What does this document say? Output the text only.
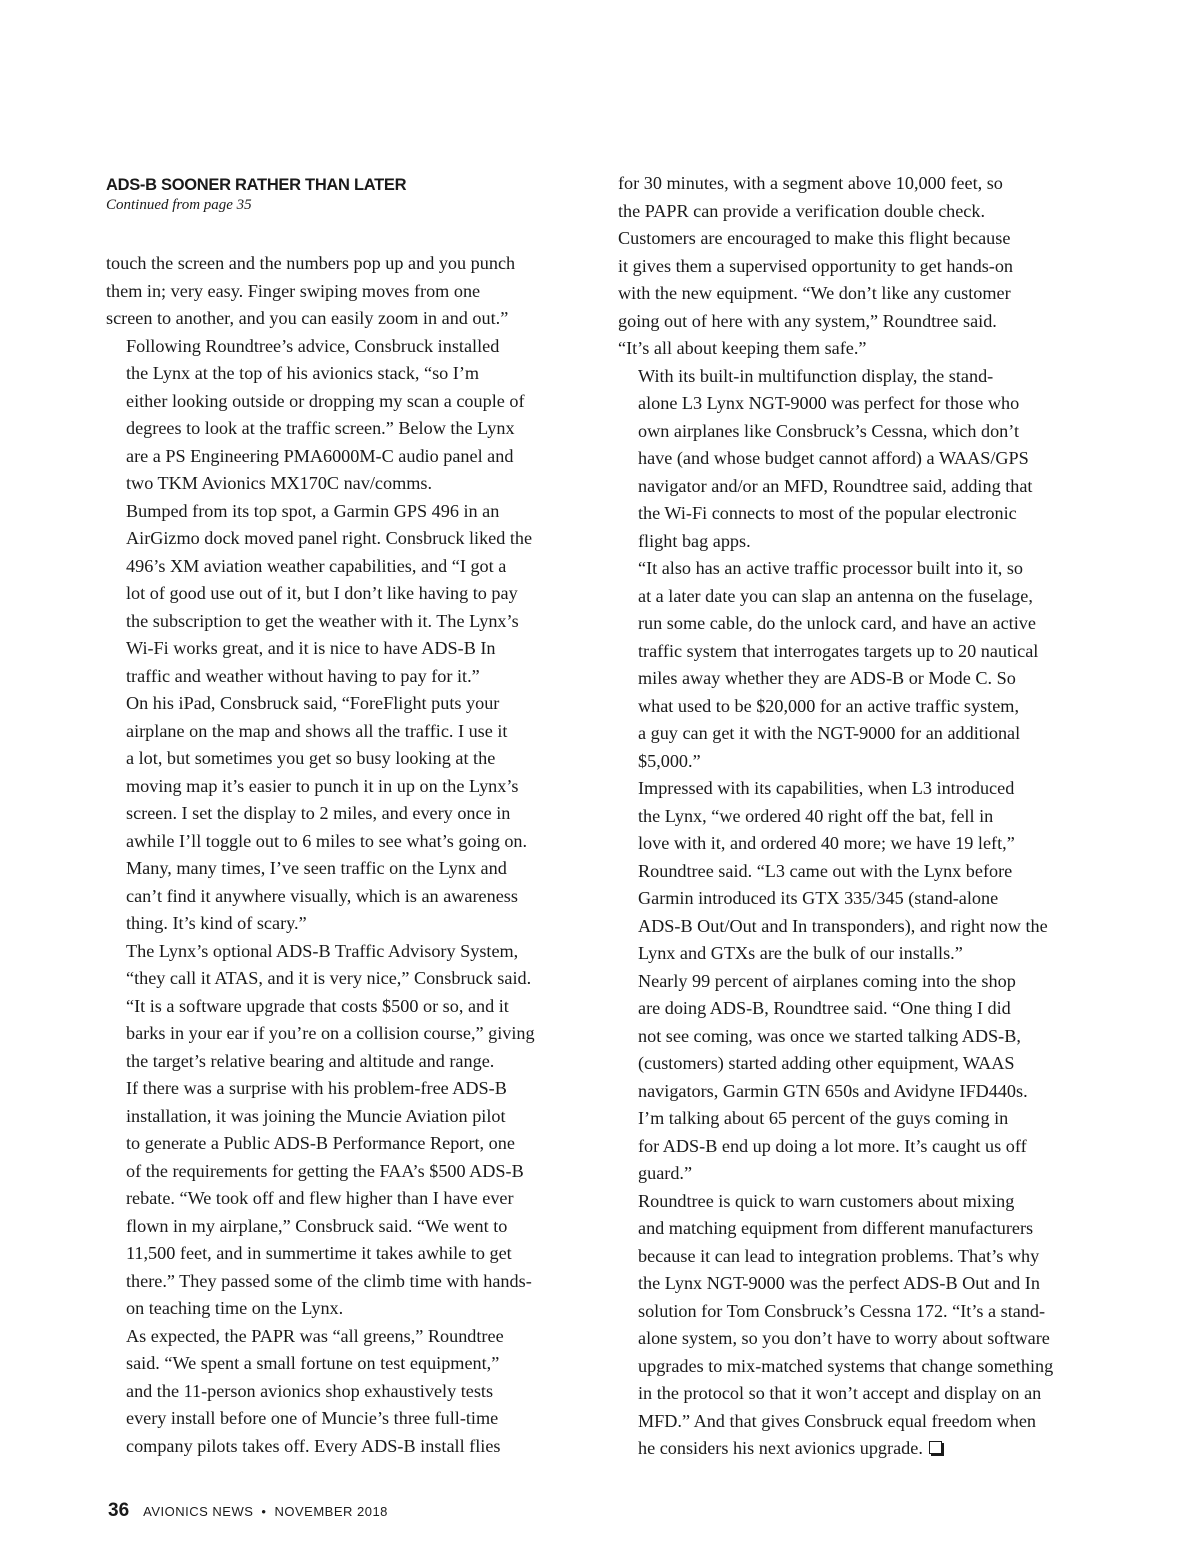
ADS-B SOONER RATHER THAN LATER
Continued from page 35

touch the screen and the numbers pop up and you punch
them in; very easy. Finger swiping moves from one
screen to another, and you can easily zoom in and out.”

Following Roundtree’s advice, Consbruck installed
the Lynx at the top of his avionics stack, “so I’m
either looking outside or dropping my scan a couple of
degrees to look at the traffic screen.” Below the Lynx
are a PS Engineering PMA6000M-C audio panel and
two TKM Avionics MX170C nav/comms.

Bumped from its top spot, a Garmin GPS 496 in an
AirGizmo dock moved panel right. Consbruck liked the
496’s XM aviation weather capabilities, and “I got a
lot of good use out of it, but I don’t like having to pay
the subscription to get the weather with it. The Lynx’s
Wi-Fi works great, and it is nice to have ADS-B In
traffic and weather without having to pay for it.”

On his iPad, Consbruck said, “ForeFlight puts your
airplane on the map and shows all the traffic. I use it
a lot, but sometimes you get so busy looking at the
moving map it’s easier to punch it in up on the Lynx’s
screen. I set the display to 2 miles, and every once in
awhile I’ll toggle out to 6 miles to see what’s going on.
Many, many times, I’ve seen traffic on the Lynx and
can’t find it anywhere visually, which is an awareness
thing. It’s kind of scary.”

The Lynx’s optional ADS-B Traffic Advisory System,
“they call it ATAS, and it is very nice,” Consbruck said.
“It is a software upgrade that costs $500 or so, and it
barks in your ear if you’re on a collision course,” giving
the target’s relative bearing and altitude and range.

If there was a surprise with his problem-free ADS-B
installation, it was joining the Muncie Aviation pilot
to generate a Public ADS-B Performance Report, one
of the requirements for getting the FAA’s $500 ADS-B
rebate. “We took off and flew higher than I have ever
flown in my airplane,” Consbruck said. “We went to
11,500 feet, and in summertime it takes awhile to get
there.” They passed some of the climb time with hands-
on teaching time on the Lynx.

As expected, the PAPR was “all greens,” Roundtree
said. “We spent a small fortune on test equipment,”
and the 11-person avionics shop exhaustively tests
every install before one of Muncie’s three full-time
company pilots takes off. Every ADS-B install flies

for 30 minutes, with a segment above 10,000 feet, so
the PAPR can provide a verification double check.
Customers are encouraged to make this flight because
it gives them a supervised opportunity to get hands-on
with the new equipment. “We don’t like any customer
going out of here with any system,” Roundtree said.
“It’s all about keeping them safe.”

With its built-in multifunction display, the stand-
alone L3 Lynx NGT-9000 was perfect for those who
own airplanes like Consbruck’s Cessna, which don’t
have (and whose budget cannot afford) a WAAS/GPS
navigator and/or an MFD, Roundtree said, adding that
the Wi-Fi connects to most of the popular electronic
flight bag apps.

“It also has an active traffic processor built into it, so
at a later date you can slap an antenna on the fuselage,
run some cable, do the unlock card, and have an active
traffic system that interrogates targets up to 20 nautical
miles away whether they are ADS-B or Mode C. So
what used to be $20,000 for an active traffic system,
a guy can get it with the NGT-9000 for an additional
$5,000.”

Impressed with its capabilities, when L3 introduced
the Lynx, “we ordered 40 right off the bat, fell in
love with it, and ordered 40 more; we have 19 left,”
Roundtree said. “L3 came out with the Lynx before
Garmin introduced its GTX 335/345 (stand-alone
ADS-B Out/Out and In transponders), and right now the
Lynx and GTXs are the bulk of our installs.”

Nearly 99 percent of airplanes coming into the shop
are doing ADS-B, Roundtree said. “One thing I did
not see coming, was once we started talking ADS-B,
(customers) started adding other equipment, WAAS
navigators, Garmin GTN 650s and Avidyne IFD440s.
I’m talking about 65 percent of the guys coming in
for ADS-B end up doing a lot more. It’s caught us off
guard.”

Roundtree is quick to warn customers about mixing
and matching equipment from different manufacturers
because it can lead to integration problems. That’s why
the Lynx NGT-9000 was the perfect ADS-B Out and In
solution for Tom Consbruck’s Cessna 172. “It’s a stand-
alone system, so you don’t have to worry about software
upgrades to mix-matched systems that change something
in the protocol so that it won’t accept and display on an
MFD.” And that gives Consbruck equal freedom when
he considers his next avionics upgrade.

36 AVIONICS NEWS • NOVEMBER 2018
